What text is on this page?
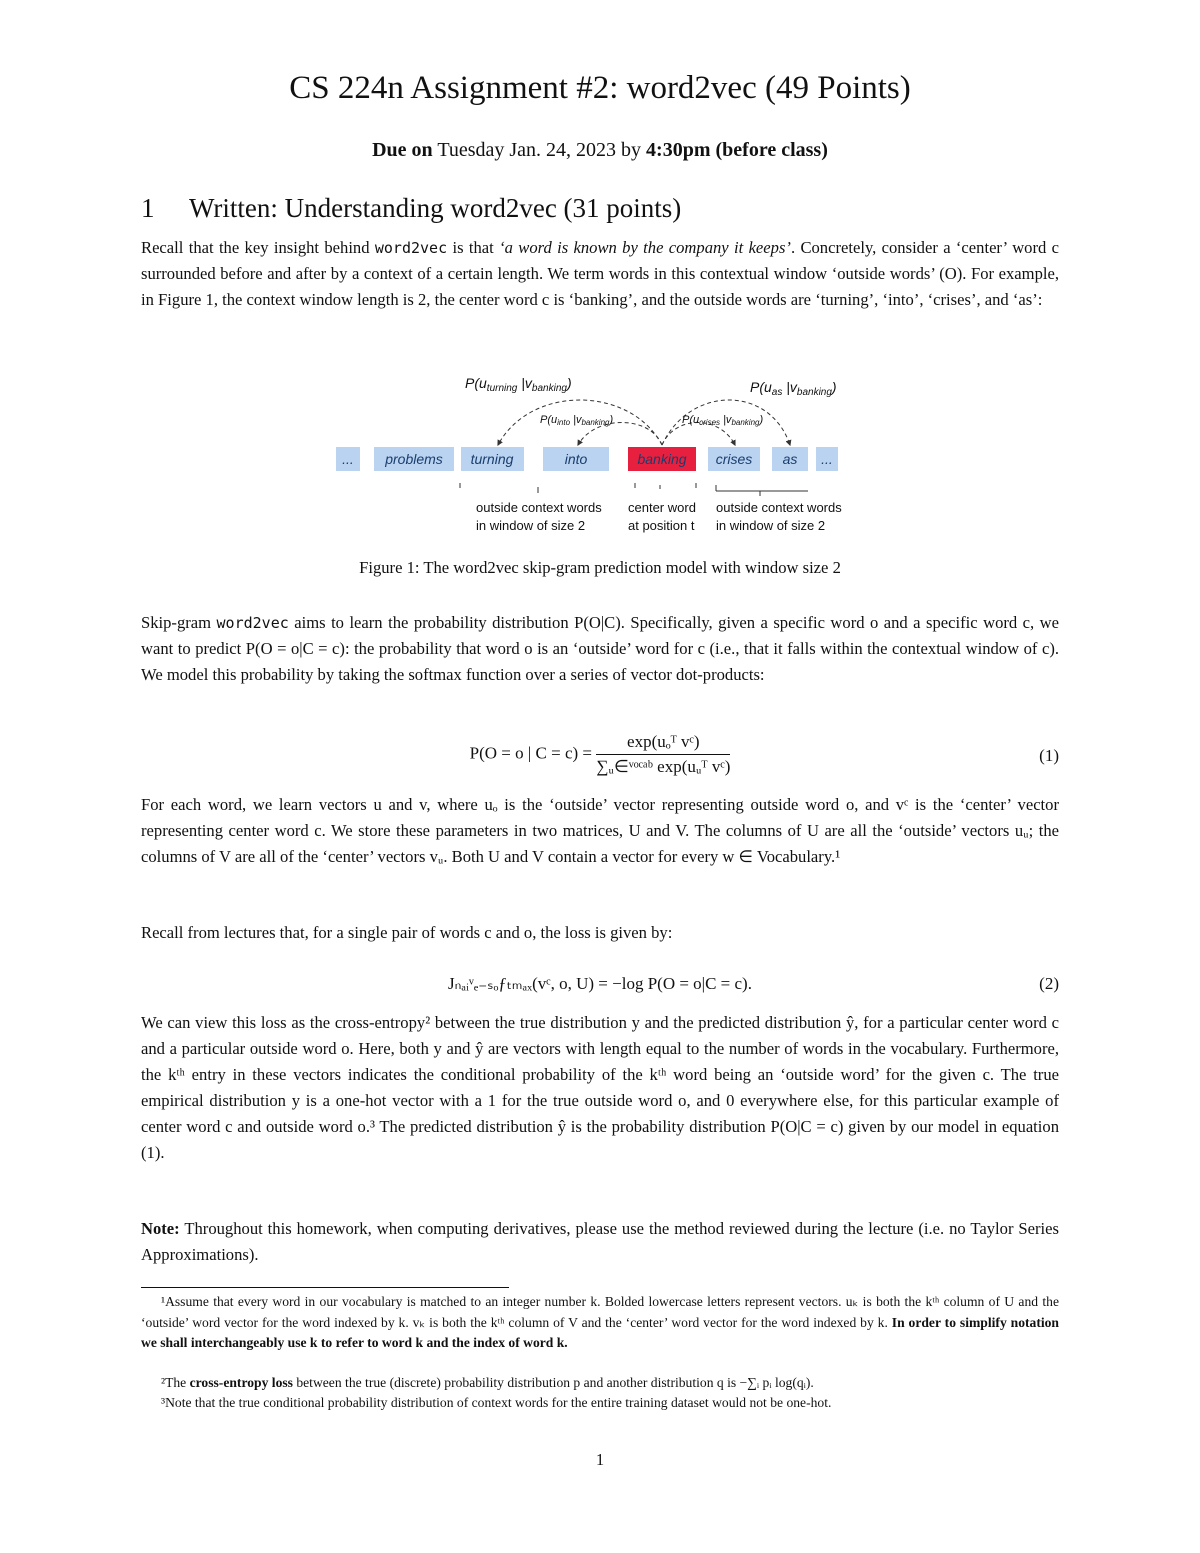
CS 224n Assignment #2: word2vec (49 Points)
Due on Tuesday Jan. 24, 2023 by 4:30pm (before class)
1 Written: Understanding word2vec (31 points)
Recall that the key insight behind word2vec is that ‘a word is known by the company it keeps’. Concretely, consider a ‘center’ word c surrounded before and after by a context of a certain length. We term words in this contextual window ‘outside words’ (O). For example, in Figure 1, the context window length is 2, the center word c is ‘banking’, and the outside words are ‘turning’, ‘into’, ‘crises’, and ‘as’:
$P(u_{turning}$ $|v_{banking}$)	$P(u_{as}$ $|v_{banking}$)
P(uinto |vbanking)	P(ucrises |vbanking)
... problems turning	into	banking crises as ...
outside context words
in window of size 2
center word
at position t
outside context words
in window of size 2
Figure 1: The word2vec skip-gram prediction model with window size 2
Skip-gram word2vec aims to learn the probability distribution P(O|C). Specifically, given a specific word o and a specific word c, we want to predict P(O = o|C = c): the probability that word o is an ‘outside’ word for c (i.e., that it falls within the contextual window of c). We model this probability by taking the softmax function over a series of vector dot-products:
P(O = o | $C = c) = \frac{\text{exp(uₒᵀ vᶜ)}}{\text{∑ᵤ∈ᵛᵒᶜᵃᵇ exp(uᵤᵀ vᶜ)}}$	(1)
For each word, we learn vectors u and v, where uₒ is the ‘outside’ vector representing outside word o, and vᶜ is the ‘center’ vector representing center word c. We store these parameters in two matrices, U and V. The columns of U are all the ‘outside’ vectors uᵤ; the columns of V are all of the ‘center’ vectors vᵤ. Both U and V contain a vector for every w ∈ Vocabulary.¹
Recall from lectures that, for a single pair of words c and o, the loss is given by:
Jₙₐᵢᵛₑ₋ₛₒƒₜₘₐₓ(vᶜ, o, U) = −log P(O = o|C = c).	(2)
We can view this loss as the cross-entropy² between the true distribution y and the predicted distribution ŷ, for a particular center word c and a particular outside word o. Here, both y and ŷ are vectors with length equal to the number of words in the vocabulary. Furthermore, the kᵗʰ entry in these vectors indicates the conditional probability of the kᵗʰ word being an ‘outside word’ for the given c. The true empirical distribution y is a one-hot vector with a 1 for the true outside word o, and 0 everywhere else, for this particular example of center word c and outside word o.³ The predicted distribution ŷ is the probability distribution P(O|C = c) given by our model in equation (1).
Note: Throughout this homework, when computing derivatives, please use the method reviewed during the lecture (i.e. no Taylor Series Approximations).
¹Assume that every word in our vocabulary is matched to an integer number k. Bolded lowercase letters represent vectors. uₖ is both the kᵗʰ column of U and the ‘outside’ word vector for the word indexed by k. vₖ is both the kᵗʰ column of V and the ‘center’ word vector for the word indexed by k. In order to simplify notation we shall interchangeably use k to refer to word k and the index of word k.
²The cross-entropy loss between the true (discrete) probability distribution p and another distribution q is −∑ᵢ pᵢ log(qᵢ).
³Note that the true conditional probability distribution of context words for the entire training dataset would not be one-hot.
1
